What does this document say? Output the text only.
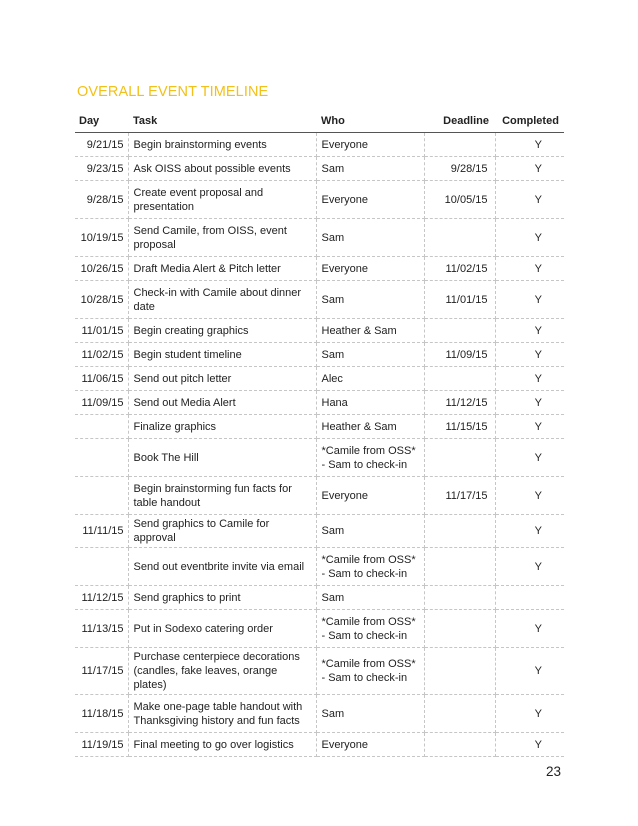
OVERALL EVENT TIMELINE
Day	Task	Who	Deadline	Completed
9/21/15	Begin brainstorming events	Everyone		Y
9/23/15	Ask OISS about possible events	Sam	9/28/15	Y
9/28/15	Create event proposal and presentation	Everyone	10/05/15	Y
10/19/15	Send Camile, from OISS, event proposal	Sam		Y
10/26/15	Draft Media Alert & Pitch letter	Everyone	11/02/15	Y
10/28/15	Check-in with Camile about dinner date	Sam	11/01/15	Y
11/01/15	Begin creating graphics	Heather & Sam		Y
11/02/15	Begin student timeline	Sam	11/09/15	Y
11/06/15	Send out pitch letter	Alec		Y
11/09/15	Send out Media Alert	Hana	11/12/15	Y
	Finalize graphics	Heather & Sam	11/15/15	Y
	Book The Hill	*Camile from OSS* - Sam to check-in		Y
	Begin brainstorming fun facts for table handout	Everyone	11/17/15	Y
11/11/15	Send graphics to Camile for approval	Sam		Y
	Send out eventbrite invite via email	*Camile from OSS* - Sam to check-in		Y
11/12/15	Send graphics to print	Sam		
11/13/15	Put in Sodexo catering order	*Camile from OSS* - Sam to check-in		Y
11/17/15	Purchase centerpiece decorations (candles, fake leaves, orange plates)	*Camile from OSS* - Sam to check-in		Y
11/18/15	Make one-page table handout with Thanksgiving history and fun facts	Sam		Y
11/19/15	Final meeting to go over logistics	Everyone		Y
23
